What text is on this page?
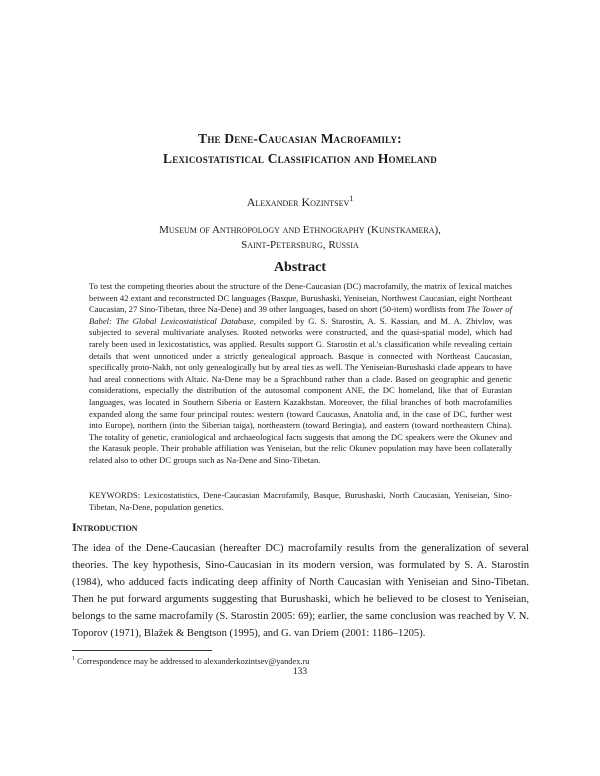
The Dene-Caucasian Macrofamily:
Lexicostatistical Classification and Homeland
Alexander Kozintsev$^1$
Museum of Anthropology and Ethnography (Kunstkamera),
Saint-Petersburg, Russia
Abstract
To test the competing theories about the structure of the Dene-Caucasian (DC) macrofamily, the matrix of lexical matches between 42 extant and reconstructed DC languages (Basque, Burushaski, Yeniseian, Northwest Caucasian, eight Northeast Caucasian, 27 Sino-Tibetan, three Na-Dene) and 39 other languages, based on short (50-item) wordlists from The Tower of Babel: The Global Lexicostatistical Database, compiled by G. S. Starostin, A. S. Kassian, and M. A. Zhivlov, was subjected to several multivariate analyses. Rooted networks were constructed, and the quasi-spatial model, which had rarely been used in lexicostatistics, was applied. Results support G. Starostin et al.'s classification while revealing certain details that went unnoticed under a strictly genealogical approach. Basque is connected with Northeast Caucasian, specifically proto-Nakh, not only genealogically but by areal ties as well. The Yeniseian-Burushaski clade appears to have had areal connections with Altaic. Na-Dene may be a Sprachbund rather than a clade. Based on geographic and genetic considerations, especially the distribution of the autosomal component ANE, the DC homeland, like that of Eurasian languages, was located in Southern Siberia or Eastern Kazakhstan. Moreover, the filial branches of both macrofamilies expanded along the same four principal routes: western (toward Caucasus, Anatolia and, in the case of DC, further west into Europe), northern (into the Siberian taiga), northeastern (toward Beringia), and eastern (toward northeastern China). The totality of genetic, craniological and archaeological facts suggests that among the DC speakers were the Okunev and the Karasuk people. Their probable affiliation was Yeniseian, but the relic Okunev population may have been collaterally related also to other DC groups such as Na-Dene and Sino-Tibetan.
KEYWORDS: Lexicostatistics, Dene-Caucasian Macrofamily, Basque, Burushaski, North Caucasian, Yeniseian, Sino-Tibetan, Na-Dene, population genetics.
Introduction
The idea of the Dene-Caucasian (hereafter DC) macrofamily results from the generalization of several theories. The key hypothesis, Sino-Caucasian in its modern version, was formulated by S. A. Starostin (1984), who adduced facts indicating deep affinity of North Caucasian with Yeniseian and Sino-Tibetan. Then he put forward arguments suggesting that Burushaski, which he believed to be closest to Yeniseian, belongs to the same macrofamily (S. Starostin 2005: 69); earlier, the same conclusion was reached by V. N. Toporov (1971), Blažek & Bengtson (1995), and G. van Driem (2001: 1186–1205).
$^1$ Correspondence may be addressed to alexanderkozintsev@yandex.ru
133
